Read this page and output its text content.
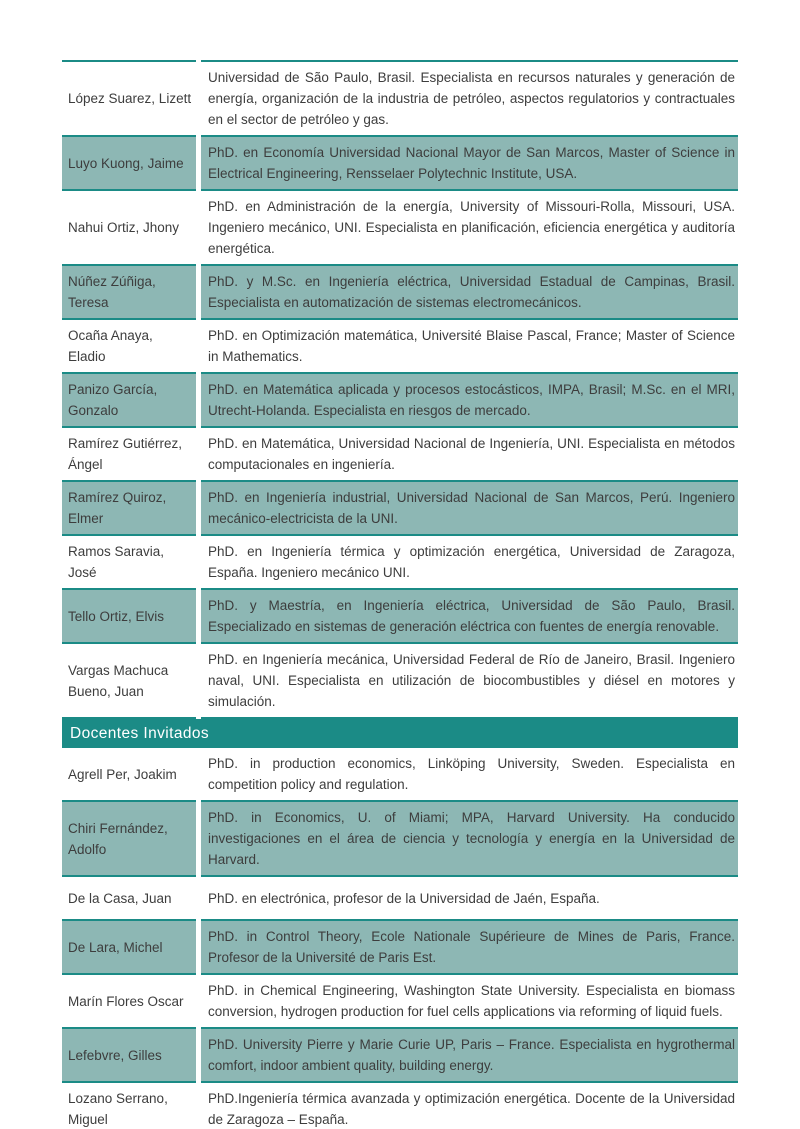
López Suarez, Lizett
Universidad de São Paulo, Brasil. Especialista en recursos naturales y generación de energía, organización de la industria de petróleo, aspectos regulatorios y contractuales en el sector de petróleo y gas.
Luyo Kuong, Jaime
PhD. en Economía Universidad Nacional Mayor de San Marcos, Master of Science in Electrical Engineering, Rensselaer Polytechnic Institute, USA.
Nahui Ortiz, Jhony
PhD. en Administración de la energía, University of Missouri-Rolla, Missouri, USA. Ingeniero mecánico, UNI. Especialista en planificación, eficiencia energética y auditoría energética.
Núñez Zúñiga, Teresa
PhD. y M.Sc. en Ingeniería eléctrica, Universidad Estadual de Campinas, Brasil. Especialista en automatización de sistemas electromecánicos.
Ocaña Anaya, Eladio
PhD. en Optimización matemática, Université Blaise Pascal, France; Master of Science in Mathematics.
Panizo García, Gonzalo
PhD. en Matemática aplicada y procesos estocásticos, IMPA, Brasil; M.Sc. en el MRI, Utrecht-Holanda. Especialista en riesgos de mercado.
Ramírez Gutiérrez, Ángel
PhD. en Matemática, Universidad Nacional de Ingeniería, UNI. Especialista en métodos computacionales en ingeniería.
Ramírez Quiroz, Elmer
PhD. en Ingeniería industrial, Universidad Nacional de San Marcos, Perú. Ingeniero mecánico-electricista de la UNI.
Ramos Saravia, José
PhD. en Ingeniería térmica y optimización energética, Universidad de Zaragoza, España. Ingeniero mecánico UNI.
Tello Ortiz, Elvis
PhD. y Maestría, en Ingeniería eléctrica, Universidad de São Paulo, Brasil. Especializado en sistemas de generación eléctrica con fuentes de energía renovable.
Vargas Machuca Bueno, Juan
PhD. en Ingeniería mecánica, Universidad Federal de Río de Janeiro, Brasil. Ingeniero naval, UNI. Especialista en utilización de biocombustibles y diésel en motores y simulación.
Docentes Invitados
Agrell Per, Joakim
PhD. in production economics, Linköping University, Sweden. Especialista en competition policy and regulation.
Chiri Fernández, Adolfo
PhD. in Economics, U. of Miami; MPA, Harvard University. Ha conducido investigaciones en el área de ciencia y tecnología y energía en la Universidad de Harvard.
De la Casa, Juan	PhD. en electrónica, profesor de la Universidad de Jaén, España.
De Lara, Michel
PhD. in Control Theory, Ecole Nationale Supérieure de Mines de Paris, France. Profesor de la Université de Paris Est.
Marín Flores Oscar
PhD. in Chemical Engineering, Washington State University. Especialista en biomass conversion, hydrogen production for fuel cells applications via reforming of liquid fuels.
Lefebvre, Gilles
PhD. University Pierre y Marie Curie UP, Paris – France. Especialista en hygrothermal comfort, indoor ambient quality, building energy.
Lozano Serrano, Miguel
PhD.Ingeniería térmica avanzada y optimización energética. Docente de la Universidad de Zaragoza – España.
